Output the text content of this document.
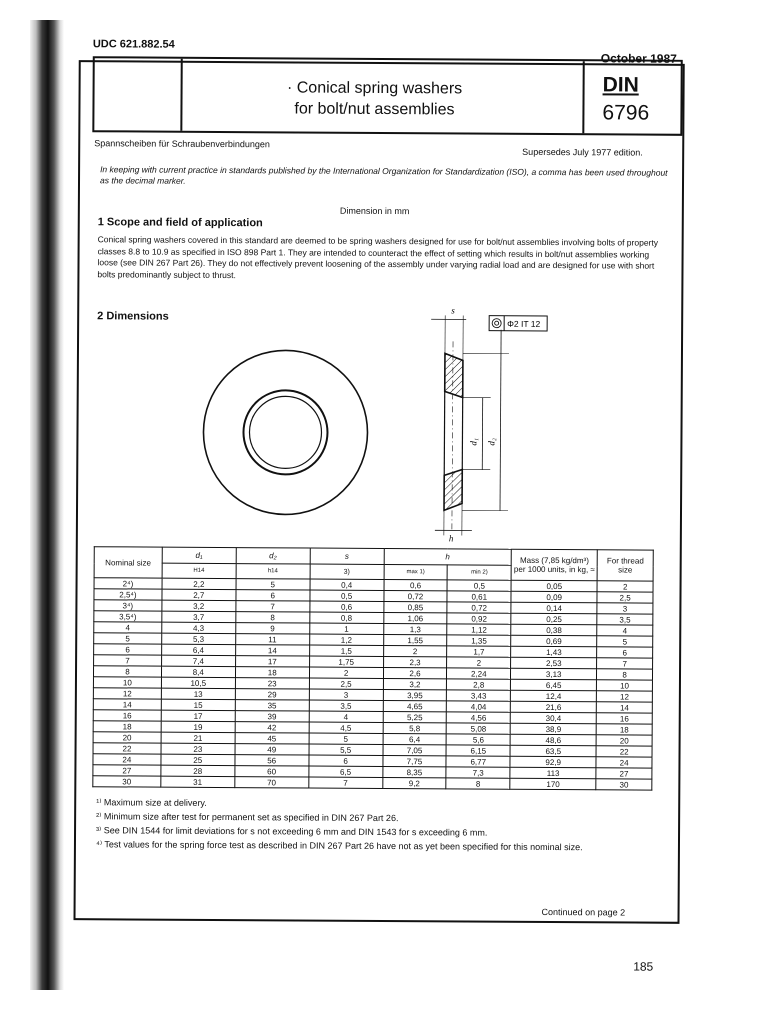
UDC 621.882.54
October 1987
· Conical spring washers
for bolt/nut assemblies
DIN
6796
Spannscheiben für Schraubenverbindungen
Supersedes July 1977 edition.
In keeping with current practice in standards published by the International Organization for Standardization (ISO), a comma has been used throughout as the decimal marker.
Dimension in mm
1 Scope and field of application
Conical spring washers covered in this standard are deemed to be spring washers designed for use for bolt/nut assemblies involving bolts of property classes 8.8 to 10.9 as specified in ISO 898 Part 1. They are intended to counteract the effect of setting which results in bolt/nut assemblies working loose (see DIN 267 Part 26). They do not effectively prevent loosening of the assembly under varying radial load and are designed for use with short bolts predominantly subject to thrust.
2 Dimensions	s
Φ2 IT 12
d₁ d₂
h
Nominal size	d₁	d₂	s	h		Mass (7,85 kg/dm³) per 1000 units, in kg, ≈	For thread size
	H14	h14	3)	max 1)	min 2)		
2⁴)	2,2	5	0,4	0,6	0,5	0,05	2
2,5⁴)	2,7	6	0,5	0,72	0,61	0,09	2,5
3⁴)	3,2	7	0,6	0,85	0,72	0,14	3
3,5⁴)	3,7	8	0,8	1,06	0,92	0,25	3,5
4	4,3	9	1	1,3	1,12	0,38	4
5	5,3	11	1,2	1,55	1,35	0,69	5
6	6,4	14	1,5	2	1,7	1,43	6
7	7,4	17	1,75	2,3	2	2,53	7
8	8,4	18	2	2,6	2,24	3,13	8
10	10,5	23	2,5	3,2	2,8	6,45	10
12	13	29	3	3,95	3,43	12,4	12
14	15	35	3,5	4,65	4,04	21,6	14
16	17	39	4	5,25	4,56	30,4	16
18	19	42	4,5	5,8	5,08	38,9	18
20	21	45	5	6,4	5,6	48,6	20
22	23	49	5,5	7,05	6,15	63,5	22
24	25	56	6	7,75	6,77	92,9	24
27	28	60	6,5	8,35	7,3	113	27
30	31	70	7	9,2	8	170	30
¹⁾ Maximum size at delivery.
²⁾ Minimum size after test for permanent set as specified in DIN 267 Part 26.
³⁾ See DIN 1544 for limit deviations for s not exceeding 6 mm and DIN 1543 for s exceeding 6 mm.
⁴⁾ Test values for the spring force test as described in DIN 267 Part 26 have not as yet been specified for this nominal size.
Continued on page 2
185
